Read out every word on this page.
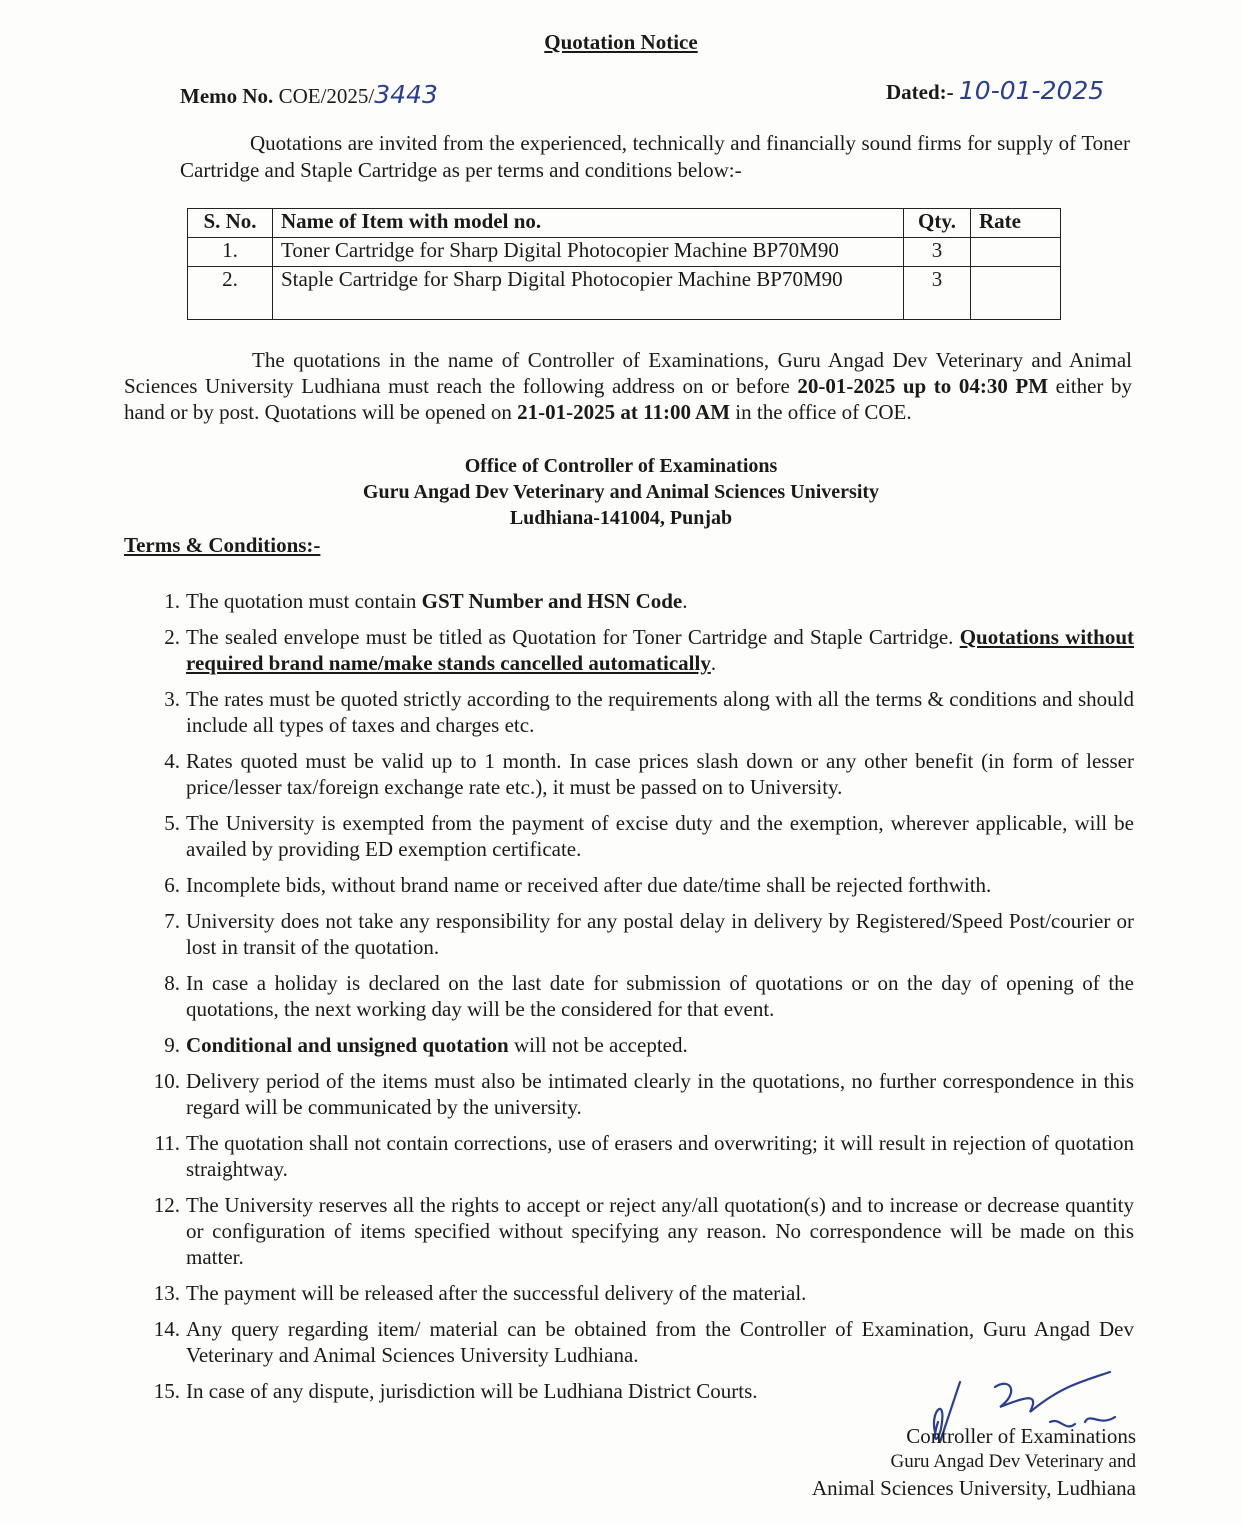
Quotation Notice
Memo No. COE/2025/3443	Dated:- 10-01-2025
Quotations are invited from the experienced, technically and financially sound firms for supply of Toner Cartridge and Staple Cartridge as per terms and conditions below:-
S. No.	Name of Item with model no.	Qty.	Rate
1.	Toner Cartridge for Sharp Digital Photocopier Machine BP70M90	3	
2.	Staple Cartridge for Sharp Digital Photocopier Machine BP70M90	3	
The quotations in the name of Controller of Examinations, Guru Angad Dev Veterinary and Animal Sciences University Ludhiana must reach the following address on or before 20-01-2025 up to 04:30 PM either by hand or by post. Quotations will be opened on 21-01-2025 at 11:00 AM in the office of COE.
Office of Controller of Examinations
Guru Angad Dev Veterinary and Animal Sciences University
Ludhiana-141004, Punjab
Terms & Conditions:-
1. The quotation must contain GST Number and HSN Code.
2. The sealed envelope must be titled as Quotation for Toner Cartridge and Staple Cartridge. Quotations without required brand name/make stands cancelled automatically.
3. The rates must be quoted strictly according to the requirements along with all the terms & conditions and should include all types of taxes and charges etc.
4. Rates quoted must be valid up to 1 month. In case prices slash down or any other benefit (in form of lesser price/lesser tax/foreign exchange rate etc.), it must be passed on to University.
5. The University is exempted from the payment of excise duty and the exemption, wherever applicable, will be availed by providing ED exemption certificate.
6. Incomplete bids, without brand name or received after due date/time shall be rejected forthwith.
7. University does not take any responsibility for any postal delay in delivery by Registered/Speed Post/courier or lost in transit of the quotation.
8. In case a holiday is declared on the last date for submission of quotations or on the day of opening of the quotations, the next working day will be the considered for that event.
9. Conditional and unsigned quotation will not be accepted.
10. Delivery period of the items must also be intimated clearly in the quotations, no further correspondence in this regard will be communicated by the university.
11. The quotation shall not contain corrections, use of erasers and overwriting; it will result in rejection of quotation straightway.
12. The University reserves all the rights to accept or reject any/all quotation(s) and to increase or decrease quantity or configuration of items specified without specifying any reason. No correspondence will be made on this matter.
13. The payment will be released after the successful delivery of the material.
14. Any query regarding item/ material can be obtained from the Controller of Examination, Guru Angad Dev Veterinary and Animal Sciences University Ludhiana.
15. In case of any dispute, jurisdiction will be Ludhiana District Courts.
Controller of Examinations
Guru Angad Dev Veterinary and
Animal Sciences University, Ludhiana
